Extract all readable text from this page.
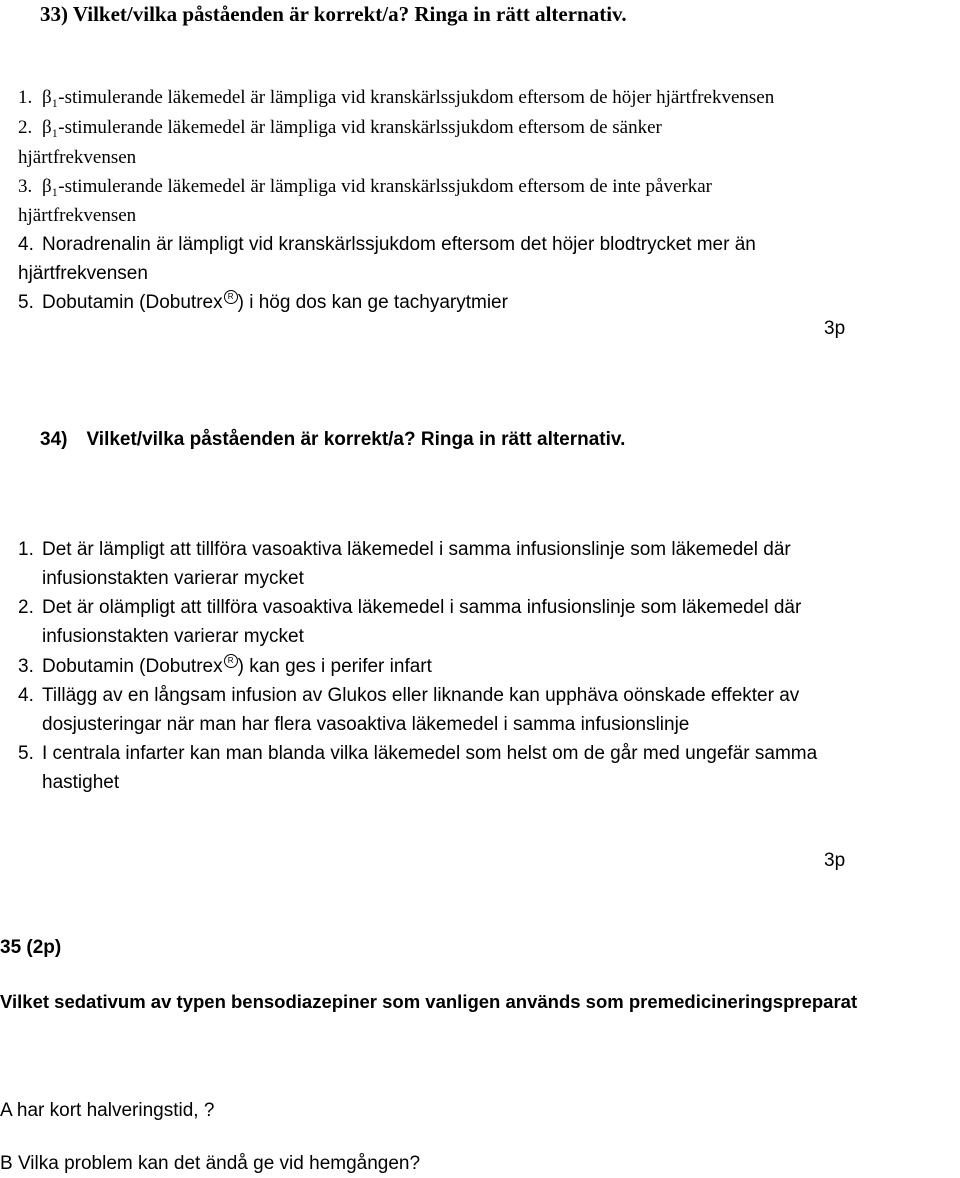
33) Vilket/vilka påståenden är korrekt/a? Ringa in rätt alternativ.
1. β₁-stimulerande läkemedel är lämpliga vid kranskärlssjukdom eftersom de höjer hjärtfrekvensen
2. β₁-stimulerande läkemedel är lämpliga vid kranskärlssjukdom eftersom de sänker
hjärtfrekvensen
3. β₁-stimulerande läkemedel är lämpliga vid kranskärlssjukdom eftersom de inte påverkar
hjärtfrekvensen
4. Noradrenalin är lämpligt vid kranskärlssjukdom eftersom det höjer blodtrycket mer än
hjärtfrekvensen
5. Dobutamin (Dobutrex R ) i hög dos kan ge tachyarytmier
3p
34) Vilket/vilka påståenden är korrekt/a? Ringa in rätt alternativ.
1. Det är lämpligt att tillföra vasoaktiva läkemedel i samma infusionslinje som läkemedel där
infusionstakten varierar mycket
2. Det är olämpligt att tillföra vasoaktiva läkemedel i samma infusionslinje som läkemedel där
infusionstakten varierar mycket
3. Dobutamin (Dobutrex R ) kan ges i perifer infart
4. Tillägg av en långsam infusion av Glukos eller liknande kan upphäva oönskade effekter av
dosjusteringar när man har flera vasoaktiva läkemedel i samma infusionslinje
5. I centrala infarter kan man blanda vilka läkemedel som helst om de går med ungefär samma
hastighet
3p
35 (2p)
Vilket sedativum av typen bensodiazepiner som vanligen används som premedicineringspreparat
A har kort halveringstid, ?
B Vilka problem kan det ändå ge vid hemgången?
